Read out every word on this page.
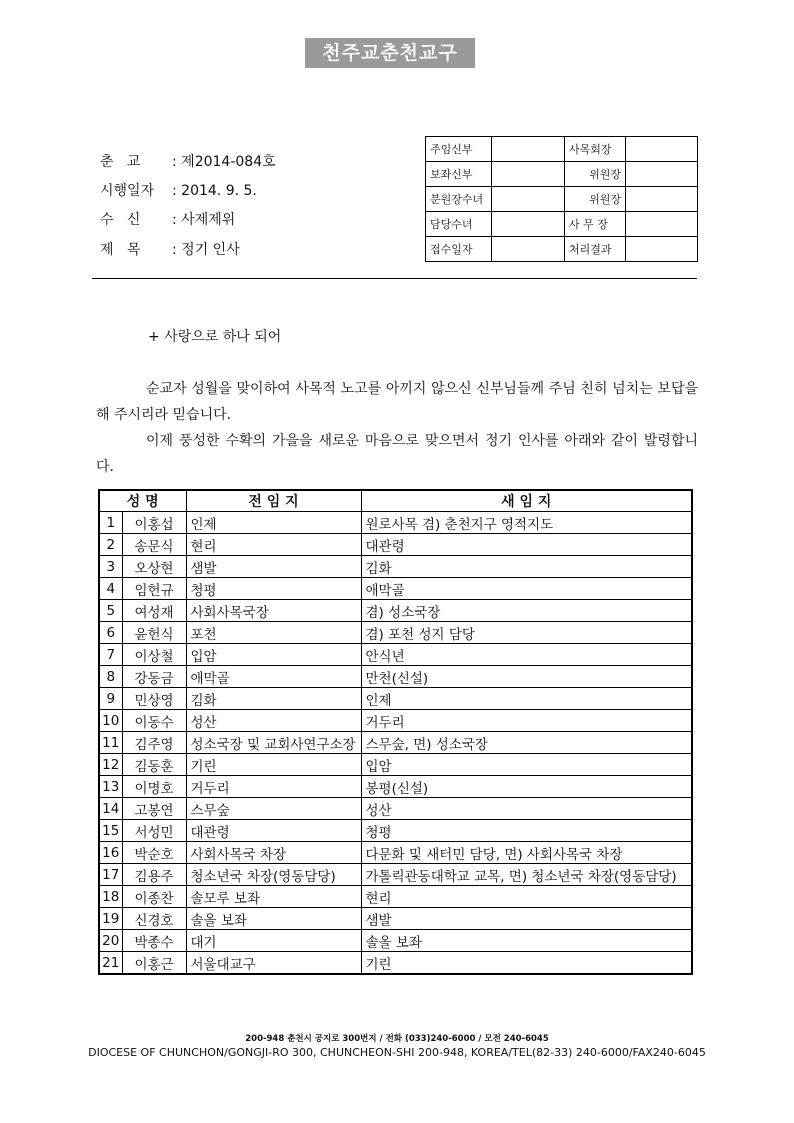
천주교춘천교구
춘   교 : 제2014-084호
시행일자 : 2014. 9. 5.
수   신 : 사제제위
제   목 : 정기 인사
주임신부		사목회장	
보좌신부		위원장	
분원장수녀		위원장	
담당수녀		사 무 장	
접수일자		처리결과	
+ 사랑으로 하나 되어
순교자 성월을 맞이하여 사목적 노고를 아끼지 않으신 신부님들께 주님 친히 넘치는 보답을 해 주시리라 믿습니다.
이제 풍성한 수확의 가을을 새로운 마음으로 맞으면서 정기 인사를 아래와 같이 발령합니다.
성 명		전 임 지	새 임 지
1	이홍섭	인제	원로사목 겸) 춘천지구 영적지도
2	송문식	현리	대관령
3	오상현	샘발	김화
4	임헌규	청평	애막골
5	여성재	사회사목국장	겸) 성소국장
6	윤헌식	포천	겸) 포천 성지 담당
7	이상철	입암	안식년
8	강동금	애막골	만천(신설)
9	민상영	김화	인제
10	이동수	성산	거두리
11	김주영	성소국장 및 교회사연구소장	스무숲, 면) 성소국장
12	김동훈	기린	입암
13	이명호	거두리	봉평(신설)
14	고봉연	스무숲	성산
15	서성민	대관령	청평
16	박순호	사회사목국 차장	다문화 및 새터민 담당, 면) 사회사목국 차장
17	김용주	청소년국 차장(영동담당)	가톨릭관동대학교 교목, 면) 청소년국 차장(영동담당)
18	이종찬	솔모루 보좌	현리
19	신경호	솔올 보좌	샘발
20	박종수	대기	솔올 보좌
21	이홍근	서울대교구	기린
200-948 춘천시 공지로 300번지 / 전화 (033)240-6000 / 모전 240-6045
DIOCESE OF CHUNCHON/GONGJI-RO 300, CHUNCHEON-SHI 200-948, KOREA/TEL(82-33) 240-6000/FAX240-6045
